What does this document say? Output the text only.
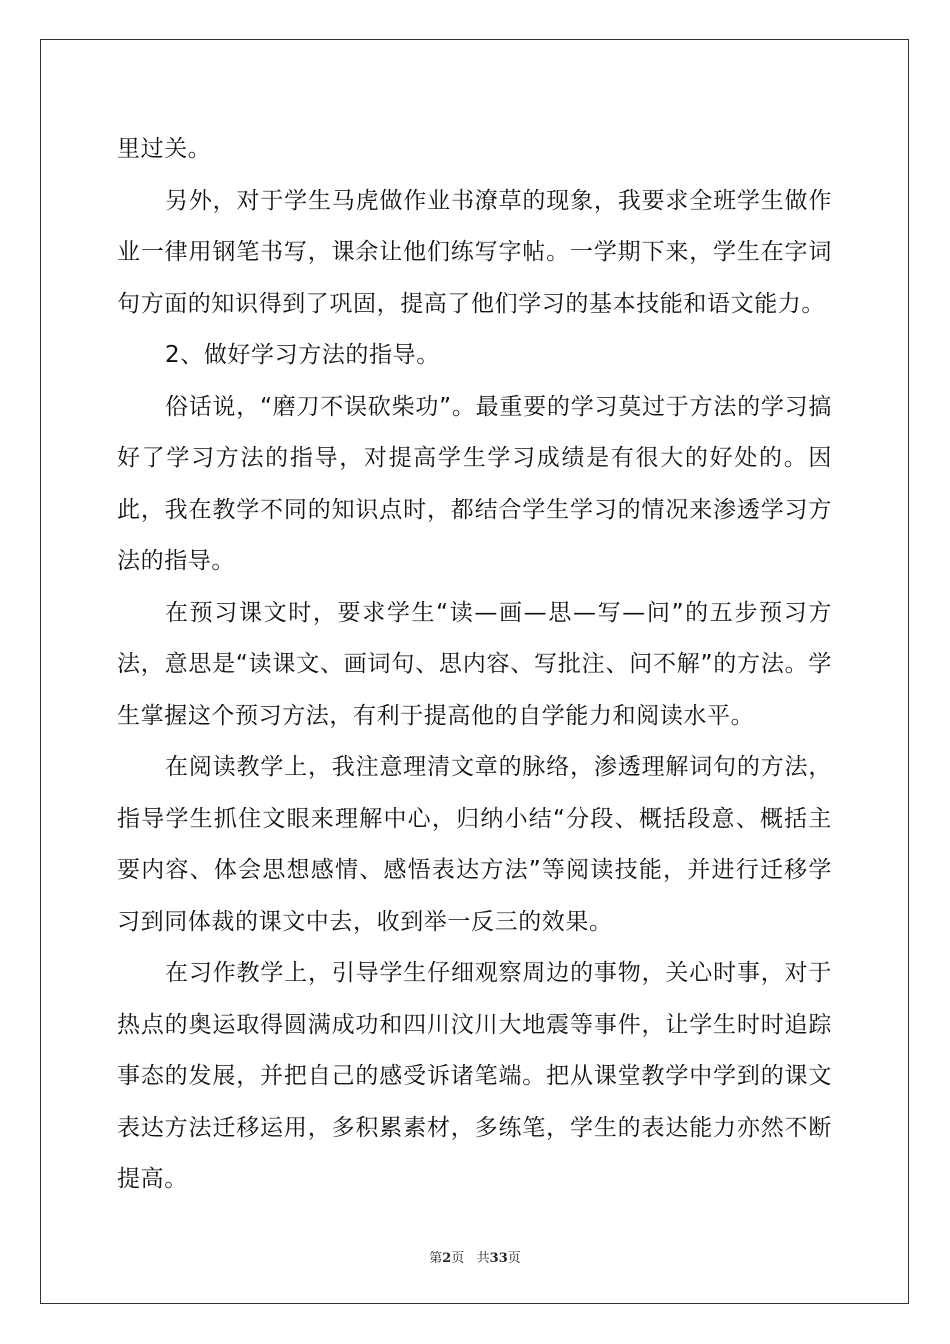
里过关。

另外，对于学生马虎做作业书潦草的现象，我要求全班学生做作业一律用钢笔书写，课余让他们练写字帖。一学期下来，学生在字词句方面的知识得到了巩固，提高了他们学习的基本技能和语文能力。

2、做好学习方法的指导。

俗话说，“磨刀不误砍柴功”。最重要的学习莫过于方法的学习搞好了学习方法的指导，对提高学生学习成绩是有很大的好处的。因此，我在教学不同的知识点时，都结合学生学习的情况来渗透学习方法的指导。

在预习课文时，要求学生“读—画—思—写—问”的五步预习方法，意思是“读课文、画词句、思内容、写批注、问不解”的方法。学生掌握这个预习方法，有利于提高他的自学能力和阅读水平。

在阅读教学上，我注意理清文章的脉络，渗透理解词句的方法，指导学生抓住文眼来理解中心，归纳小结“分段、概括段意、概括主要内容、体会思想感情、感悟表达方法”等阅读技能，并进行迁移学习到同体裁的课文中去，收到举一反三的效果。

在习作教学上，引导学生仔细观察周边的事物，关心时事，对于热点的奥运取得圆满成功和四川汶川大地震等事件，让学生时时追踪事态的发展，并把自己的感受诉诸笔端。把从课堂教学中学到的课文表达方法迁移运用，多积累素材，多练笔，学生的表达能力亦然不断提高。

第2页   共33页
